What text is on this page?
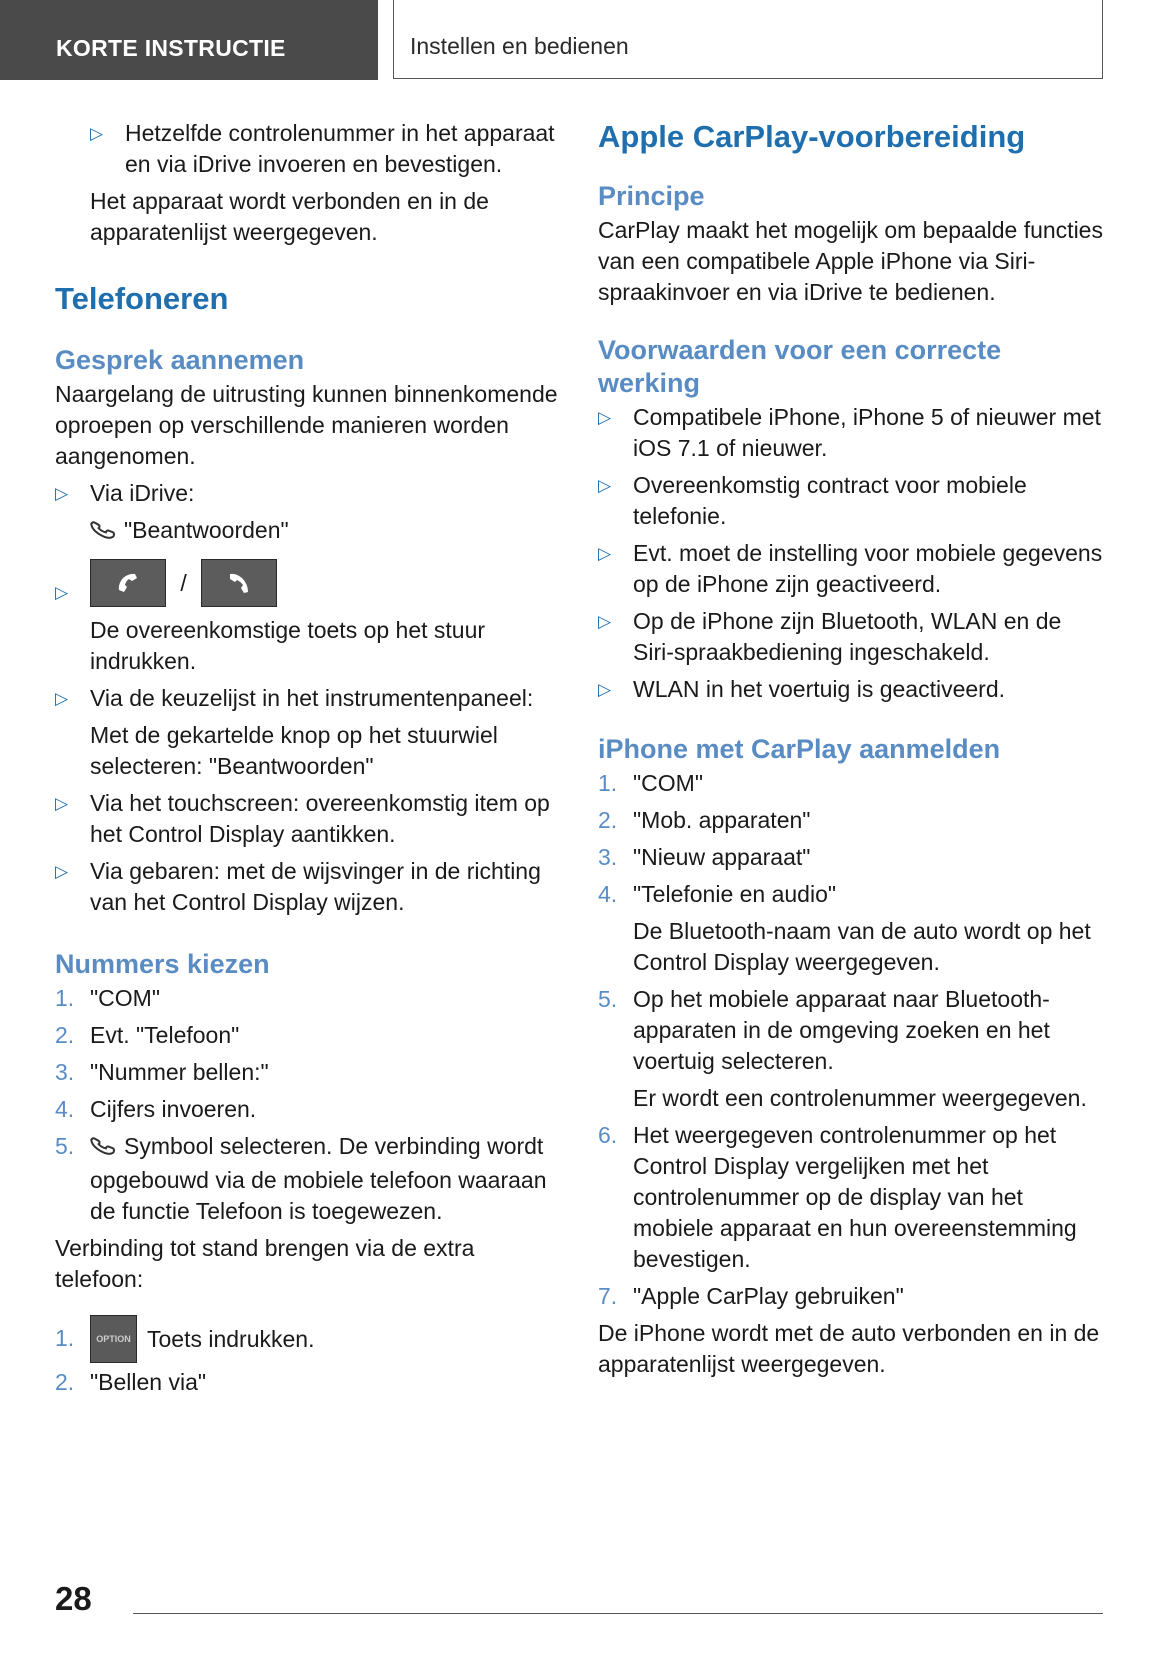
KORTE INSTRUCTIE	Instellen en bedienen
▷ Hetzelfde controlenummer in het apparaat en via iDrive invoeren en bevestigen.

Het apparaat wordt verbonden en in de apparatenlijst weergegeven.

Telefoneren
Gesprek aannemen

Naargelang de uitrusting kunnen binnenkomende oproepen op verschillende manieren worden aangenomen.

▷ Via iDrive:

"Beantwoorden"

▷	/

De overeenkomstige toets op het stuur indrukken.

▷ Via de keuzelijst in het instrumentenpaneel:

Met de gekartelde knop op het stuurwiel selecteren: "Beantwoorden"

▷ Via het touchscreen: overeenkomstig item op het Control Display aantikken.
▷ Via gebaren: met de wijsvinger in de richting van het Control Display wijzen.
Nummers kiezen
1. "COM"
2. Evt. "Telefoon"
3. "Nummer bellen:"
4. Cijfers invoeren.
5. Symbool selecteren. De verbinding wordt opgebouwd via de mobiele telefoon waaraan de functie Telefoon is toegewezen.

Verbinding tot stand brengen via de extra telefoon:

1. OPTION Toets indrukken.
2. "Bellen via"
Apple CarPlay-voorbereiding
Principe

CarPlay maakt het mogelijk om bepaalde functies van een compatibele Apple iPhone via Siri-spraakinvoer en via iDrive te bedienen.

Voorwaarden voor een correcte werking
▷ Compatibele iPhone, iPhone 5 of nieuwer met iOS 7.1 of nieuwer.
▷ Overeenkomstig contract voor mobiele telefonie.
▷ Evt. moet de instelling voor mobiele gegevens op de iPhone zijn geactiveerd.
▷ Op de iPhone zijn Bluetooth, WLAN en de Siri-spraakbediening ingeschakeld.
▷ WLAN in het voertuig is geactiveerd.
iPhone met CarPlay aanmelden
1. "COM"
2. "Mob. apparaten"
3. "Nieuw apparaat"
4. "Telefonie en audio"

De Bluetooth-naam van de auto wordt op het Control Display weergegeven.

5. Op het mobiele apparaat naar Bluetooth-apparaten in de omgeving zoeken en het voertuig selecteren.

Er wordt een controlenummer weergegeven.

6. Het weergegeven controlenummer op het Control Display vergelijken met het controlenummer op de display van het mobiele apparaat en hun overeenstemming bevestigen.
7. "Apple CarPlay gebruiken"

De iPhone wordt met de auto verbonden en in de apparatenlijst weergegeven.

28
